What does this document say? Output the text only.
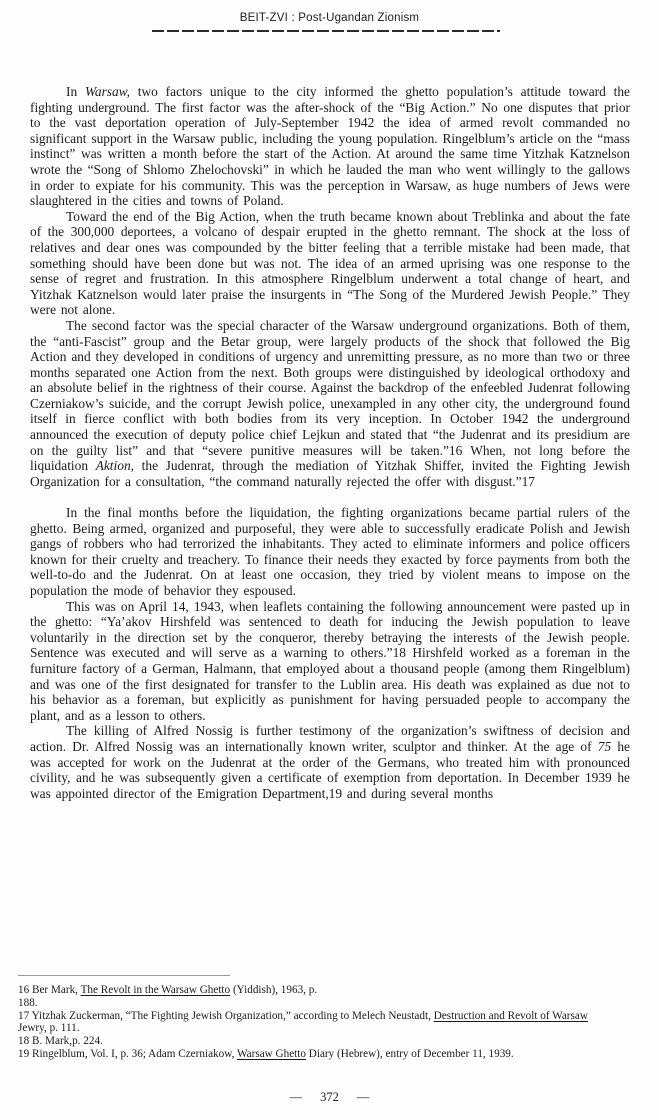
BEIT-ZVI : Post-Ugandan Zionism

In Warsaw, two factors unique to the city informed the ghetto population’s attitude toward the fighting underground. The first factor was the after-shock of the “Big Action.” No one disputes that prior to the vast deportation operation of July-September 1942 the idea of armed revolt commanded no significant support in the Warsaw public, including the young population. Ringelblum’s article on the “mass instinct” was written a month before the start of the Action. At around the same time Yitzhak Katznelson wrote the “Song of Shlomo Zhelochovski” in which he lauded the man who went willingly to the gallows in order to expiate for his community. This was the perception in Warsaw, as huge numbers of Jews were slaughtered in the cities and towns of Poland.

Toward the end of the Big Action, when the truth became known about Treblinka and about the fate of the 300,000 deportees, a volcano of despair erupted in the ghetto remnant. The shock at the loss of relatives and dear ones was compounded by the bitter feeling that a terrible mistake had been made, that something should have been done but was not. The idea of an armed uprising was one response to the sense of regret and frustration. In this atmosphere Ringelblum underwent a total change of heart, and Yitzhak Katznelson would later praise the insurgents in “The Song of the Murdered Jewish People.” They were not alone.

The second factor was the special character of the Warsaw underground organizations. Both of them, the “anti-Fascist” group and the Betar group, were largely products of the shock that followed the Big Action and they developed in conditions of urgency and unremitting pressure, as no more than two or three months separated one Action from the next. Both groups were distinguished by ideological orthodoxy and an absolute belief in the rightness of their course. Against the backdrop of the enfeebled Judenrat following Czerniakow’s suicide, and the corrupt Jewish police, unexampled in any other city, the underground found itself in fierce conflict with both bodies from its very inception. In October 1942 the underground announced the execution of deputy police chief Lejkun and stated that “the Judenrat and its presidium are on the guilty list” and that “severe punitive measures will be taken.”16 When, not long before the liquidation Aktion, the Judenrat, through the mediation of Yitzhak Shiffer, invited the Fighting Jewish Organization for a consultation, “the command naturally rejected the offer with disgust.”17

In the final months before the liquidation, the fighting organizations became partial rulers of the ghetto. Being armed, organized and purposeful, they were able to successfully eradicate Polish and Jewish gangs of robbers who had terrorized the inhabitants. They acted to eliminate informers and police officers known for their cruelty and treachery. To finance their needs they exacted by force payments from both the well-to-do and the Judenrat. On at least one occasion, they tried by violent means to impose on the population the mode of behavior they espoused.

This was on April 14, 1943, when leaflets containing the following announcement were pasted up in the ghetto: “Ya’akov Hirshfeld was sentenced to death for inducing the Jewish population to leave voluntarily in the direction set by the conqueror, thereby betraying the interests of the Jewish people. Sentence was executed and will serve as a warning to others.”18 Hirshfeld worked as a foreman in the furniture factory of a German, Halmann, that employed about a thousand people (among them Ringelblum) and was one of the first designated for transfer to the Lublin area. His death was explained as due not to his behavior as a foreman, but explicitly as punishment for having persuaded people to accompany the plant, and as a lesson to others.

The killing of Alfred Nossig is further testimony of the organization’s swiftness of decision and action. Dr. Alfred Nossig was an internationally known writer, sculptor and thinker. At the age of 75 he was accepted for work on the Judenrat at the order of the Germans, who treated him with pronounced civility, and he was subsequently given a certificate of exemption from deportation. In December 1939 he was appointed director of the Emigration Department,19 and during several months

16 Ber Mark, The Revolt in the Warsaw Ghetto (Yiddish), 1963, p.
188.
17 Yitzhak Zuckerman, “The Fighting Jewish Organization,” according to Melech Neustadt, Destruction and Revolt of Warsaw
Jewry, p. 111.
18 B. Mark,p. 224.
19 Ringelblum, Vol. I, p. 36; Adam Czerniakow, Warsaw Ghetto Diary (Hebrew), entry of December 11, 1939.
— 372 —
